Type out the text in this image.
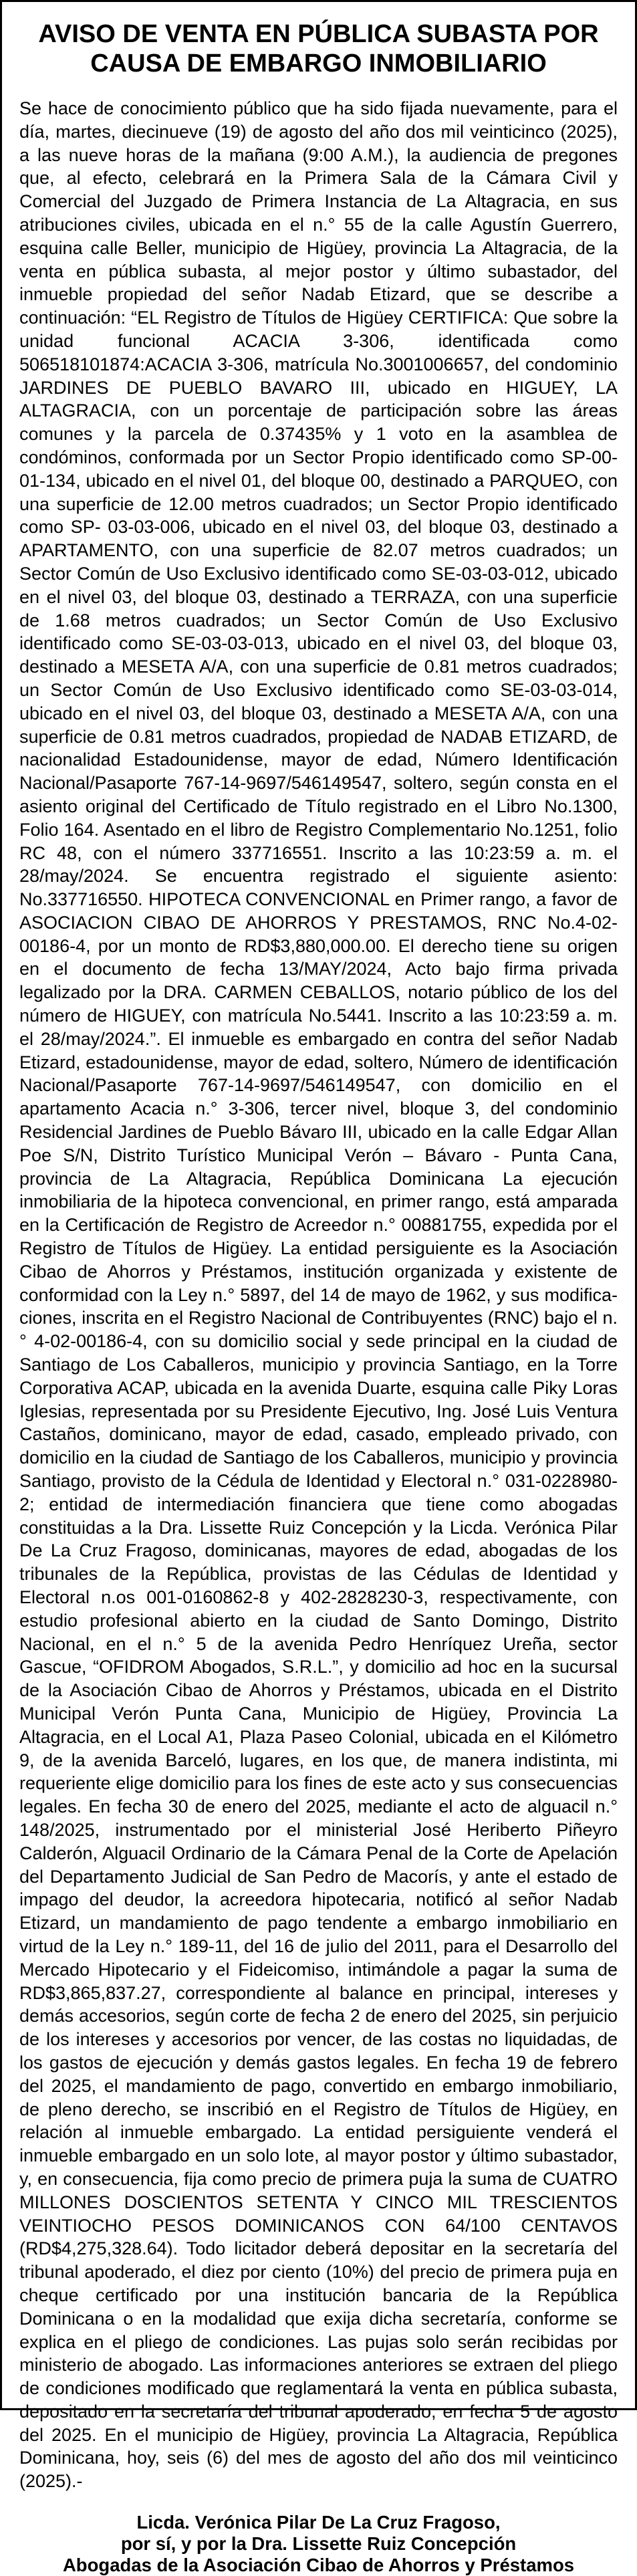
AVISO DE VENTA EN PÚBLICA SUBASTA POR
CAUSA DE EMBARGO INMOBILIARIO

Se hace de conocimiento público que ha sido fijada nuevamente, para el día, martes, diecinueve (19) de agosto del año dos mil veinticinco (2025), a las nueve horas de la mañana (9:00 A.M.), la audiencia de pregones que, al efecto, celebrará en la Primera Sala de la Cámara Civil y Comercial del Juzgado de Primera Instancia de La Altagracia, en sus atribuciones civiles, ubicada en el n.° 55 de la calle Agustín Guerrero, esquina calle Beller, municipio de Higüey, provincia La Altagracia, de la venta en pública subasta, al mejor postor y último subastador, del inmueble propiedad del señor Nadab Etizard, que se describe a continuación: “EL Registro de Títulos de Higüey CERTIFICA: Que sobre la unidad funcional ACACIA 3-306, identificada como 506518101874:ACACIA 3-306, matrícula No.3001006657, del condominio JARDINES DE PUEBLO BAVARO III, ubicado en HIGUEY, LA ALTAGRACIA, con un porcentaje de participación sobre las áreas comunes y la parcela de 0.37435% y 1 voto en la asamblea de condóminos, conformada por un Sector Propio identificado como SP-00-01-134, ubicado en el nivel 01, del bloque 00, destinado a PARQUEO, con una superficie de 12.00 metros cuadrados; un Sector Propio identificado como SP- 03-03-006, ubicado en el nivel 03, del bloque 03, destinado a APARTAMENTO, con una superficie de 82.07 metros cuadrados; un Sector Común de Uso Exclusivo identificado como SE-03-03-012, ubicado en el nivel 03, del bloque 03, destinado a TERRAZA, con una superficie de 1.68 metros cuadrados; un Sector Común de Uso Exclusivo identificado como SE-03-03-013, ubicado en el nivel 03, del bloque 03, destinado a MESETA A/A, con una superficie de 0.81 metros cuadrados; un Sector Común de Uso Exclusivo identificado como SE-03-03-014, ubicado en el nivel 03, del bloque 03, destinado a MESETA A/A, con una superficie de 0.81 metros cuadrados, propiedad de NADAB ETIZARD, de nacionalidad Estadounidense, mayor de edad, Número Identificación Nacional/Pasaporte 767-14-9697/546149547, soltero, según consta en el asiento original del Certificado de Título registrado en el Libro No.1300, Folio 164. Asentado en el libro de Registro Complementario No.1251, folio RC 48, con el número 337716551. Inscrito a las 10:23:59 a. m. el 28/may/2024. Se encuentra registrado el siguiente asiento: No.337716550. HIPOTECA CONVENCIONAL en Primer rango, a favor de ASOCIACION CIBAO DE AHORROS Y PRESTAMOS, RNC No.4-02-00186-4, por un monto de RD$3,880,000.00. El derecho tiene su origen en el documento de fecha 13/MAY/2024, Acto bajo firma privada legalizado por la DRA. CARMEN CEBALLOS, notario público de los del número de HIGUEY, con matrícula No.5441. Inscrito a las 10:23:59 a. m. el 28/may/2024.”. El inmueble es embargado en contra del señor Nadab Etizard, estadounidense, mayor de edad, soltero, Número de identificación Nacional/Pasaporte 767-14-9697/546149547, con domicilio en el apartamento Acacia n.° 3-306, tercer nivel, bloque 3, del condominio Residencial Jardines de Pueblo Bávaro III, ubicado en la calle Edgar Allan Poe S/N, Distrito Turístico Municipal Verón – Bávaro - Punta Cana, provincia de La Altagracia, República Dominicana La ejecución inmobiliaria de la hipoteca convencional, en primer rango, está amparada en la Certificación de Registro de Acreedor n.° 00881755, expedida por el Registro de Títulos de Higüey. La entidad persiguiente es la Asociación Cibao de Ahorros y Préstamos, institución organizada y existente de conformidad con la Ley n.° 5897, del 14 de mayo de 1962, y sus modificaciones, inscrita en el Registro Nacional de Contribuyentes (RNC) bajo el n.° 4-02-00186-4, con su domicilio social y sede principal en la ciudad de Santiago de Los Caballeros, municipio y provincia Santiago, en la Torre Corporativa ACAP, ubicada en la avenida Duarte, esquina calle Piky Loras Iglesias, representada por su Presidente Ejecutivo, Ing. José Luis Ventura Castaños, dominicano, mayor de edad, casado, empleado privado, con domicilio en la ciudad de Santiago de los Caballeros, municipio y provincia Santiago, provisto de la Cédula de Identidad y Electoral n.° 031-0228980-2; entidad de intermediación financiera que tiene como abogadas constituidas a la Dra. Lissette Ruiz Concepción y la Licda. Verónica Pilar De La Cruz Fragoso, dominicanas, mayores de edad, abogadas de los tribunales de la República, provistas de las Cédulas de Identidad y Electoral n.os 001-0160862-8 y 402-2828230-3, respectivamente, con estudio profesional abierto en la ciudad de Santo Domingo, Distrito Nacional, en el n.° 5 de la avenida Pedro Henríquez Ureña, sector Gascue, “OFIDROM Abogados, S.R.L.”, y domicilio ad hoc en la sucursal de la Asociación Cibao de Ahorros y Préstamos, ubicada en el Distrito Municipal Verón Punta Cana, Municipio de Higüey, Provincia La Altagracia, en el Local A1, Plaza Paseo Colonial, ubicada en el Kilómetro 9, de la avenida Barceló, lugares, en los que, de manera indistinta, mi requeriente elige domicilio para los fines de este acto y sus consecuencias legales. En fecha 30 de enero del 2025, mediante el acto de alguacil n.° 148/2025, instrumentado por el ministerial José Heriberto Piñeyro Calderón, Alguacil Ordinario de la Cámara Penal de la Corte de Apelación del Departamento Judicial de San Pedro de Macorís, y ante el estado de impago del deudor, la acreedora hipotecaria, notificó al señor Nadab Etizard, un mandamiento de pago tendente a embargo inmobiliario en virtud de la Ley n.° 189-11, del 16 de julio del 2011, para el Desarrollo del Mercado Hipotecario y el Fideicomiso, intimándole a pagar la suma de RD$3,865,837.27, correspondiente al balance en principal, intereses y demás accesorios, según corte de fecha 2 de enero del 2025, sin perjuicio de los intereses y accesorios por vencer, de las costas no liquidadas, de los gastos de ejecución y demás gastos legales. En fecha 19 de febrero del 2025, el mandamiento de pago, convertido en embargo inmobiliario, de pleno derecho, se inscribió en el Registro de Títulos de Higüey, en relación al inmueble embargado. La entidad persiguiente venderá el inmueble embargado en un solo lote, al mayor postor y último subastador, y, en consecuencia, fija como precio de primera puja la suma de CUATRO MILLONES DOSCIENTOS SETENTA Y CINCO MIL TRESCIENTOS VEINTIOCHO PESOS DOMINICANOS CON 64/100 CENTAVOS (RD$4,275,328.64). Todo licitador deberá depositar en la secretaría del tribunal apoderado, el diez por ciento (10%) del precio de primera puja en cheque certificado por una institución bancaria de la República Dominicana o en la modalidad que exija dicha secretaría, conforme se explica en el pliego de condiciones. Las pujas solo serán recibidas por ministerio de abogado. Las informaciones anteriores se extraen del pliego de condiciones modificado que reglamentará la venta en pública subasta, depositado en la secretaría del tribunal apoderado, en fecha 5 de agosto del 2025. En el municipio de Higüey, provincia La Altagracia, República Dominicana, hoy, seis (6) del mes de agosto del año dos mil veinticinco (2025).-

Licda. Verónica Pilar De La Cruz Fragoso,
por sí, y por la Dra. Lissette Ruiz Concepción
Abogadas de la Asociación Cibao de Ahorros y Préstamos
